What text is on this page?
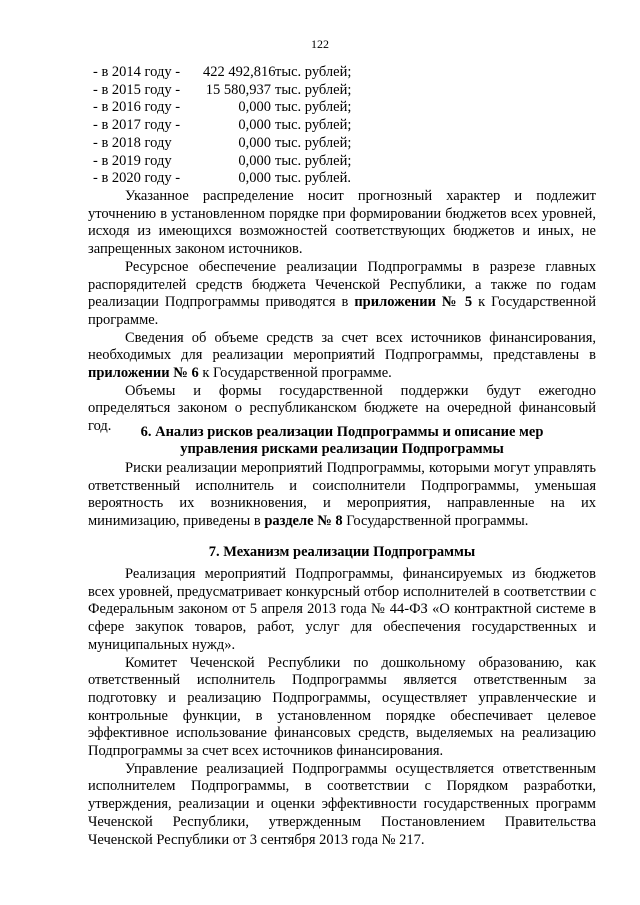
122
- в 2014 году -	422 492,816 тыс. рублей;
- в 2015 году -	15 580,937 тыс. рублей;
- в 2016 году -	0,000 тыс. рублей;
- в 2017 году -	0,000 тыс. рублей;
- в 2018 году	0,000 тыс. рублей;
- в 2019 году	0,000 тыс. рублей;
- в 2020 году -	0,000 тыс. рублей.

Указанное распределение носит прогнозный характер и подлежит уточнению в установленном порядке при формировании бюджетов всех уровней, исходя из имеющихся возможностей соответствующих бюджетов и иных, не запрещенных законом источников.

Ресурсное обеспечение реализации Подпрограммы в разрезе главных распорядителей средств бюджета Чеченской Республики, а также по годам реализации Подпрограммы приводятся в приложении № 5 к Государственной программе.

Сведения об объеме средств за счет всех источников финансирования, необходимых для реализации мероприятий Подпрограммы, представлены в приложении № 6 к Государственной программе.

Объемы и формы государственной поддержки будут ежегодно определяться законом о республиканском бюджете на очередной финансовый год.	6. Анализ рисков реализации Подпрограммы и описание мер
управления рисками реализации Подпрограммы

Риски реализации мероприятий Подпрограммы, которыми могут управлять ответственный исполнитель и соисполнители Подпрограммы, уменьшая вероятность их возникновения, и мероприятия, направленные на их минимизацию, приведены в разделе № 8 Государственной программы.

7. Механизм реализации Подпрограммы

Реализация мероприятий Подпрограммы, финансируемых из бюджетов всех уровней, предусматривает конкурсный отбор исполнителей в соответствии с Федеральным законом от 5 апреля 2013 года № 44-ФЗ «О контрактной системе в сфере закупок товаров, работ, услуг для обеспечения государственных и муниципальных нужд».

Комитет Чеченской Республики по дошкольному образованию, как ответственный исполнитель Подпрограммы является ответственным за подготовку и реализацию Подпрограммы, осуществляет управленческие и контрольные функции, в установленном порядке обеспечивает целевое эффективное использование финансовых средств, выделяемых на реализацию Подпрограммы за счет всех источников финансирования.

Управление реализацией Подпрограммы осуществляется ответственным исполнителем Подпрограммы, в соответствии с Порядком разработки, утверждения, реализации и оценки эффективности государственных программ Чеченской Республики, утвержденным Постановлением Правительства Чеченской Республики от 3 сентября 2013 года № 217.
